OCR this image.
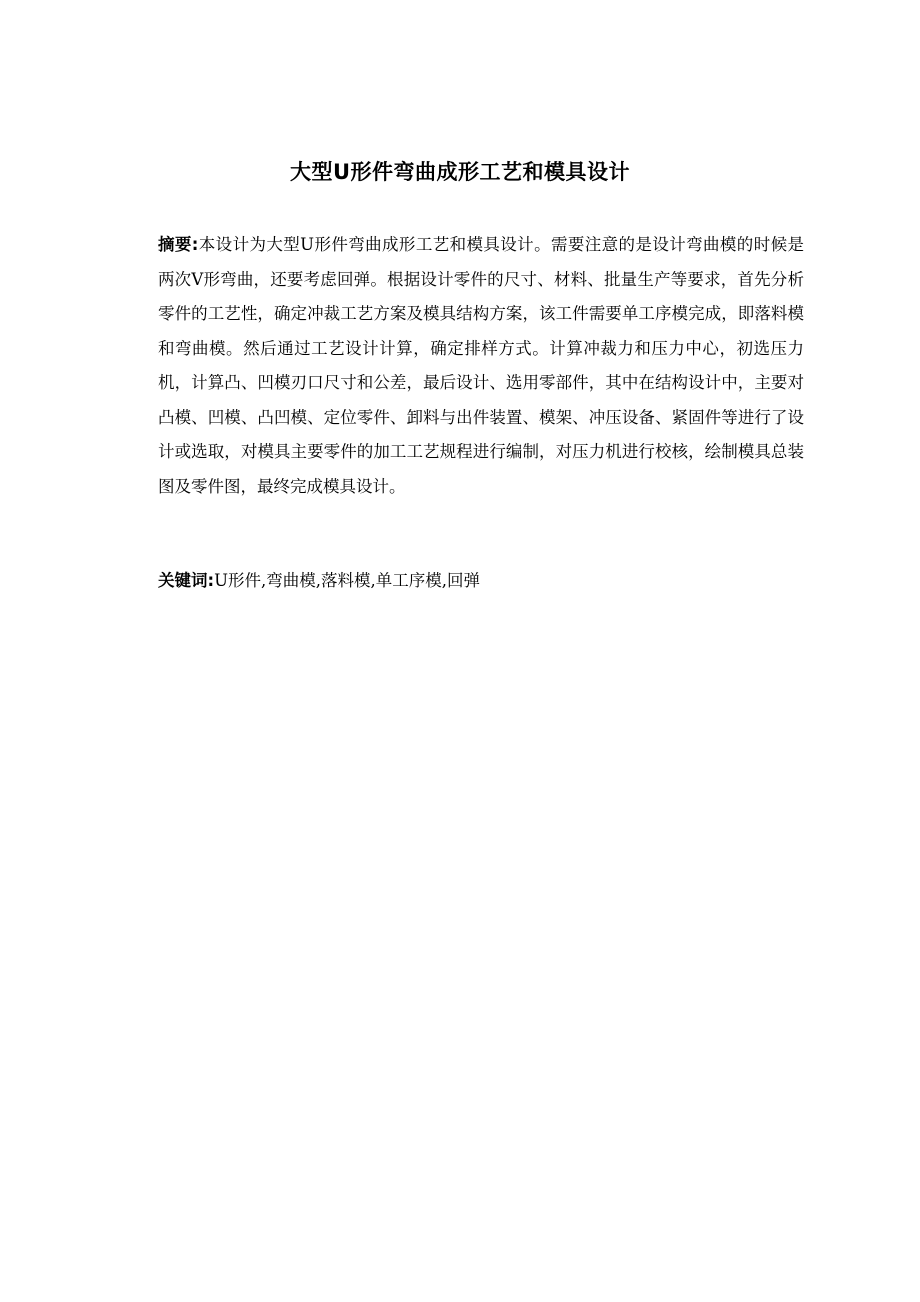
大型U形件弯曲成形工艺和模具设计
摘要:本设计为大型U形件弯曲成形工艺和模具设计。需要注意的是设计弯曲模的时候是两次V形弯曲，还要考虑回弹。根据设计零件的尺寸、材料、批量生产等要求，首先分析零件的工艺性，确定冲裁工艺方案及模具结构方案，该工件需要单工序模完成，即落料模和弯曲模。然后通过工艺设计计算，确定排样方式。计算冲裁力和压力中心，初选压力机，计算凸、凹模刃口尺寸和公差，最后设计、选用零部件，其中在结构设计中，主要对凸模、凹模、凸凹模、定位零件、卸料与出件装置、模架、冲压设备、紧固件等进行了设计或选取，对模具主要零件的加工工艺规程进行编制，对压力机进行校核，绘制模具总装图及零件图，最终完成模具设计。
关键词:U形件,弯曲模,落料模,单工序模,回弹
